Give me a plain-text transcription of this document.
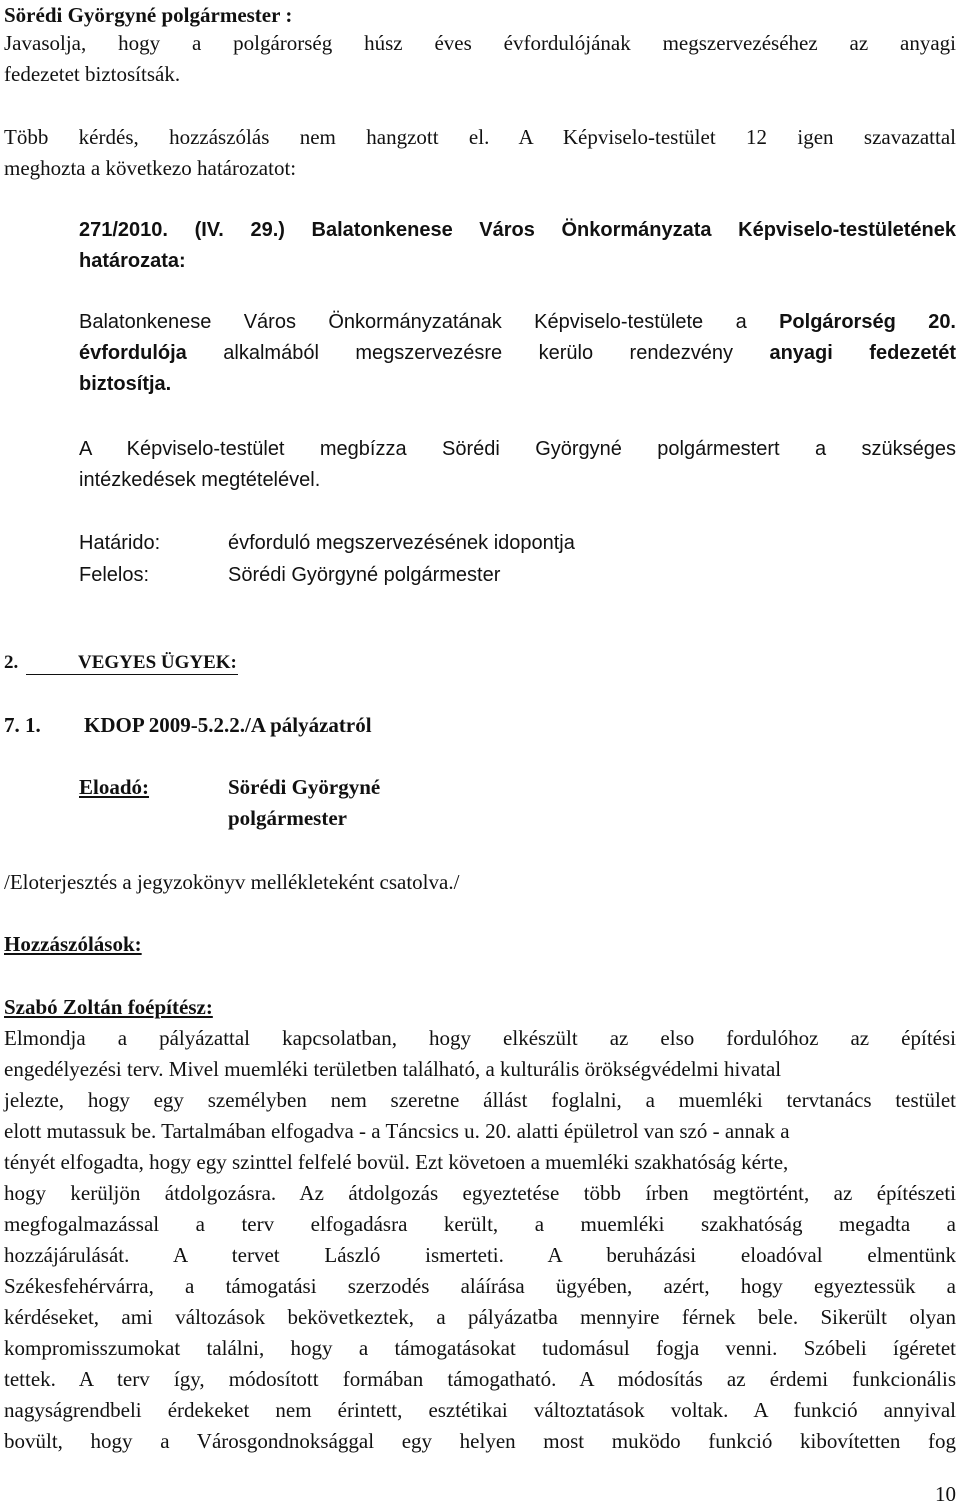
Sörédi Györgyné polgármester :
Javasolja, hogy a polgárorség húsz éves évfordulójának megszervezéséhez az anyagi
fedezetet biztosítsák.
Több kérdés, hozzászólás nem hangzott el. A Képviselo-testület 12 igen szavazattal
meghozta a következo határozatot:
271/2010. (IV. 29.) Balatonkenese Város Önkormányzata Képviselo-testületének
határozata:
Balatonkenese Város Önkormányzatának Képviselo-testülete a Polgárorség 20.
évfordulója alkalmából megszervezésre kerülo rendezvény anyagi fedezetét
biztosítja.
A Képviselo-testület megbízza Sörédi Györgyné polgármestert a szükséges
intézkedések megtételével.
Határido:	évforduló megszervezésének idopontja
Felelos:	Sörédi Györgyné polgármester
2.	VEGYES ÜGYEK:
7. 1. KDOP 2009-5.2.2./A pályázatról
Eloadó:	Sörédi Györgyné
polgármester
/Eloterjesztés a jegyzokönyv mellékleteként csatolva./
Hozzászólások:
Szabó Zoltán foépítész:
Elmondja a pályázattal kapcsolatban, hogy elkészült az elso fordulóhoz az építési
engedélyezési terv. Mivel muemléki területben található, a kulturális örökségvédelmi hivatal
jelezte, hogy egy személyben nem szeretne állást foglalni, a muemléki tervtanács testület
elott mutassuk be. Tartalmában elfogadva - a Táncsics u. 20. alatti épületrol van szó - annak a
tényét elfogadta, hogy egy szinttel felfelé bovül. Ezt követoen a muemléki szakhatóság kérte,
hogy kerüljön átdolgozásra. Az átdolgozás egyeztetése több írben megtörtént, az építészeti
megfogalmazással a terv elfogadásra került, a muemléki szakhatóság megadta a
hozzájárulását. A tervet László ismerteti. A beruházási eloadóval elmentünk
Székesfehérvárra, a támogatási szerzodés aláírása ügyében, azért, hogy egyeztessük a
kérdéseket, ami változások bekövetkeztek, a pályázatba mennyire férnek bele. Sikerült olyan
kompromisszumokat találni, hogy a támogatásokat tudomásul fogja venni. Szóbeli ígéretet
tettek. A terv így, módosított formában támogatható. A módosítás az érdemi funkcionális
nagyságrendbeli érdekeket nem érintett, esztétikai változtatások voltak. A funkció annyival
bovült, hogy a Városgondnoksággal egy helyen most muködo funkció kibovítetten fog
10
